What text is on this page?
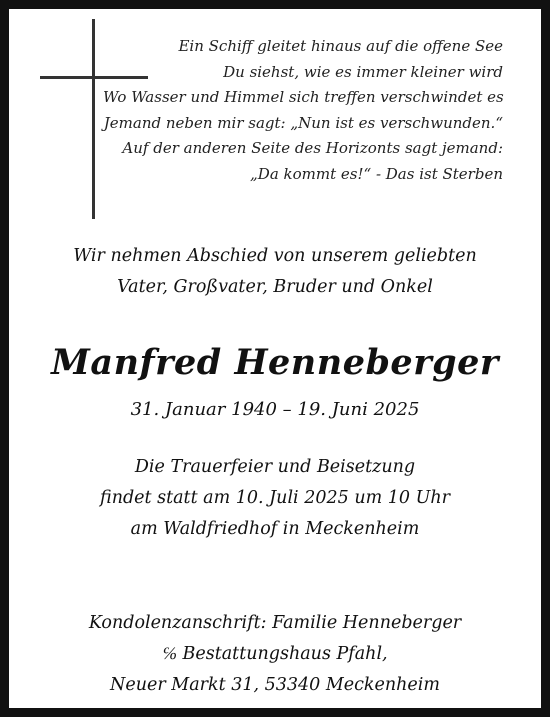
Ein Schiff gleitet hinaus auf die offene See
Du siehst, wie es immer kleiner wird
Wo Wasser und Himmel sich treffen verschwindet es
Jemand neben mir sagt: „Nun ist es verschwunden.“
Auf der anderen Seite des Horizonts sagt jemand:
„Da kommt es!“ - Das ist Sterben
Wir nehmen Abschied von unserem geliebten
Vater, Großvater, Bruder und Onkel
Manfred Henneberger
31. Januar 1940 – 19. Juni 2025
Die Trauerfeier und Beisetzung
findet statt am 10. Juli 2025 um 10 Uhr
am Waldfriedhof in Meckenheim
Kondolenzanschrift: Familie Henneberger
℅ Bestattungshaus Pfahl,
Neuer Markt 31, 53340 Meckenheim
